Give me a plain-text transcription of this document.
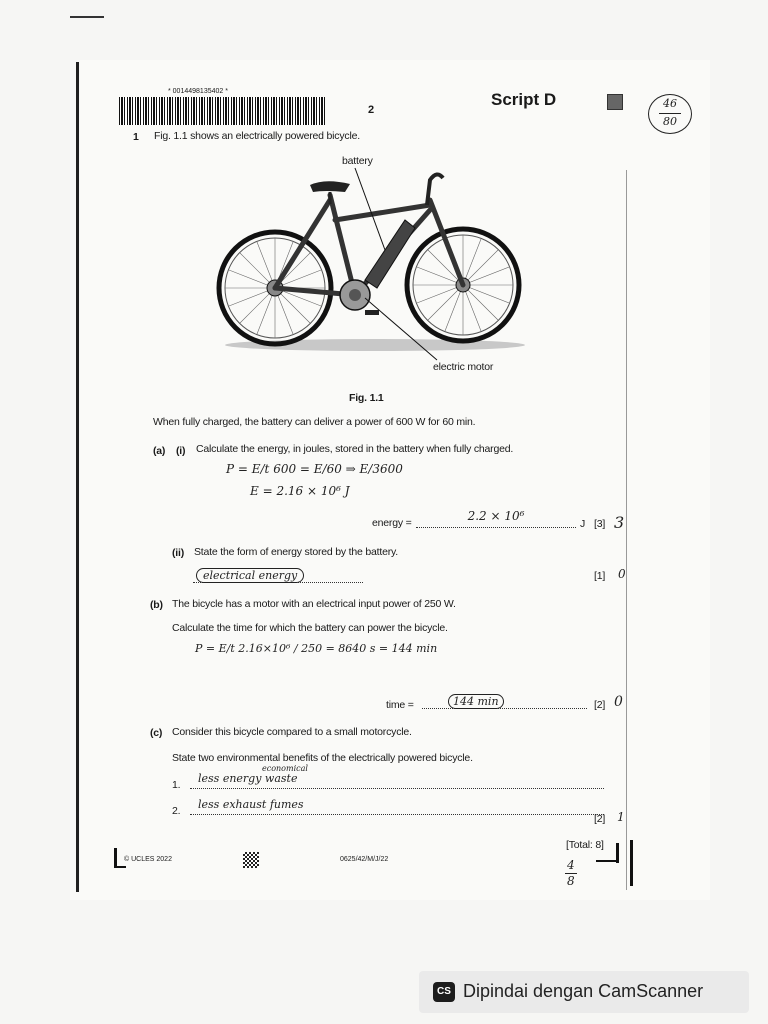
* 0014498135402 *
2
Script D	46
80
1 Fig. 1.1 shows an electrically powered bicycle.
battery
electric motor
Fig. 1.1
When fully charged, the battery can deliver a power of 600 W for 60 min.
(a) (i) Calculate the energy, in joules, stored in the battery when fully charged.
P = E/t 600 = E/60 ⇒ E/3600
E = 2.16 × 10⁶ J
energy =	2.2 × 10⁶
J [3] 3
(ii) State the form of energy stored by the battery.
electrical energy	[1] 0
(b) The bicycle has a motor with an electrical input power of 250 W.
Calculate the time for which the battery can power the bicycle.
P = E/t 2.16×10⁶ / 250 = 8640 s = 144 min
time =	144 min	[2] 0
(c) Consider this bicycle compared to a small motorcycle.
State two environmental benefits of the electrically powered bicycle.
economical
1.	less energy waste
2.	less exhaust fumes
[2] 1
[Total: 8]
4
8
© UCLES 2022	0625/42/M/J/22
CS Dipindai dengan CamScanner
